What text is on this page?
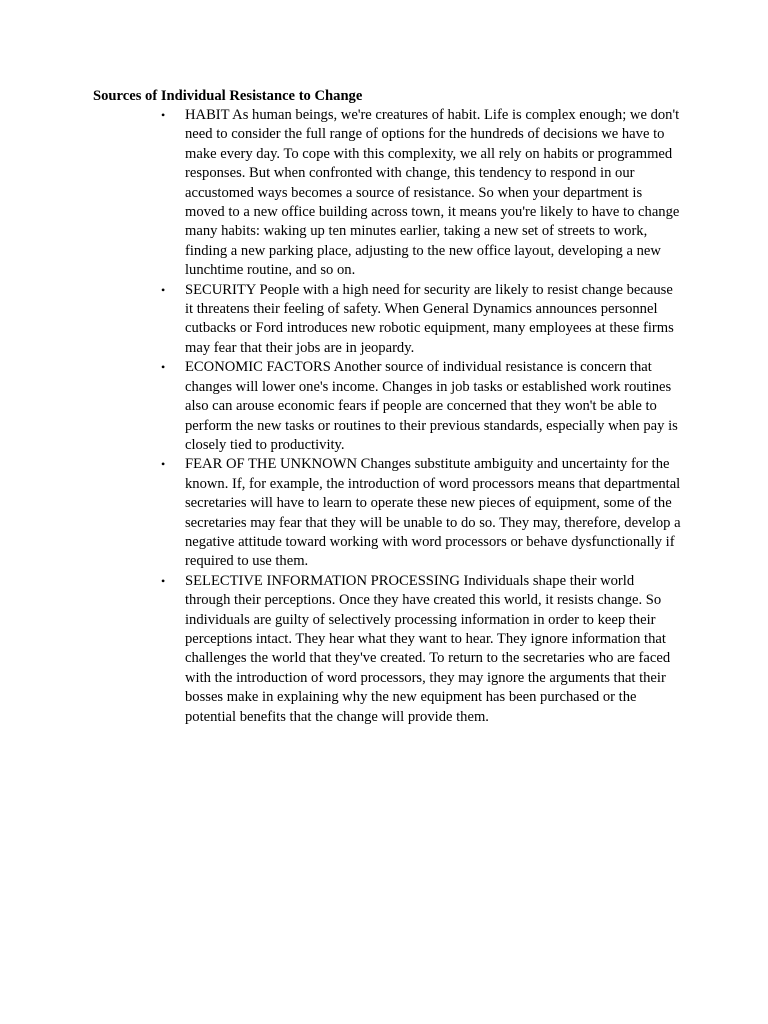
Sources of Individual Resistance to Change
•	HABIT As human beings, we're creatures of habit. Life is complex enough; we don't need to consider the full range of options for the hundreds of decisions we have to make every day. To cope with this complexity, we all rely on habits or programmed responses. But when confronted with change, this tendency to respond in our accustomed ways becomes a source of resistance. So when your department is moved to a new office building across town, it means you're likely to have to change many habits: waking up ten minutes earlier, taking a new set of streets to work, finding a new parking place, adjusting to the new office layout, developing a new lunchtime routine, and so on.
•	SECURITY People with a high need for security are likely to resist change because it threatens their feeling of safety. When General Dynamics announces personnel cutbacks or Ford introduces new robotic equipment, many employees at these firms may fear that their jobs are in jeopardy.
•	ECONOMIC FACTORS Another source of individual resistance is concern that changes will lower one's income. Changes in job tasks or established work routines also can arouse economic fears if people are concerned that they won't be able to perform the new tasks or routines to their previous standards, especially when pay is closely tied to productivity.
•	FEAR OF THE UNKNOWN Changes substitute ambiguity and uncertainty for the known. If, for example, the introduction of word processors means that departmental secretaries will have to learn to operate these new pieces of equipment, some of the secretaries may fear that they will be unable to do so. They may, therefore, develop a negative attitude toward working with word processors or behave dysfunctionally if required to use them.
•	SELECTIVE INFORMATION PROCESSING Individuals shape their world through their perceptions. Once they have created this world, it resists change. So individuals are guilty of selectively processing information in order to keep their perceptions intact. They hear what they want to hear. They ignore information that challenges the world that they've created. To return to the secretaries who are faced with the introduction of word processors, they may ignore the arguments that their bosses make in explaining why the new equipment has been purchased or the potential benefits that the change will provide them.
